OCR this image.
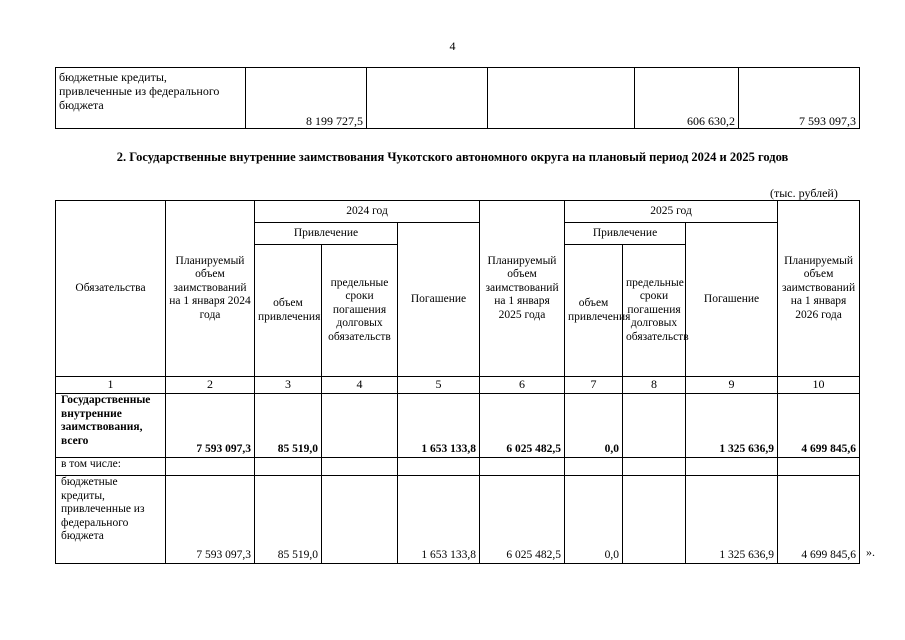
4
бюджетные кредиты, привлеченные из федерального бюджета	8 199 727,5			606 630,2	7 593 097,3
2. Государственные внутренние заимствования Чукотского автономного округа на плановый период 2024 и 2025 годов
(тыс. рублей)
Обязательства	Планируемый объем заимствований на 1 января 2024 года	2024 год			Планируемый объем заимствований на 1 января 2025 года	2025 год			Планируемый объем заимствований на 1 января 2026 года
		Привлечение		Погашение		Привлечение		Погашение	
		объем привлечения	предельные сроки погашения долговых обязательств			объем привлечения	предельные сроки погашения долговых обязательств		
1	2	3	4	5	6	7	8	9	10
Государственные внутренние заимствования, всего	7 593 097,3	85 519,0		1 653 133,8	6 025 482,5	0,0		1 325 636,9	4 699 845,6
в том числе:									
бюджетные кредиты, привлеченные из федерального бюджета	7 593 097,3	85 519,0		1 653 133,8	6 025 482,5	0,0		1 325 636,9	4 699 845,6 ».
